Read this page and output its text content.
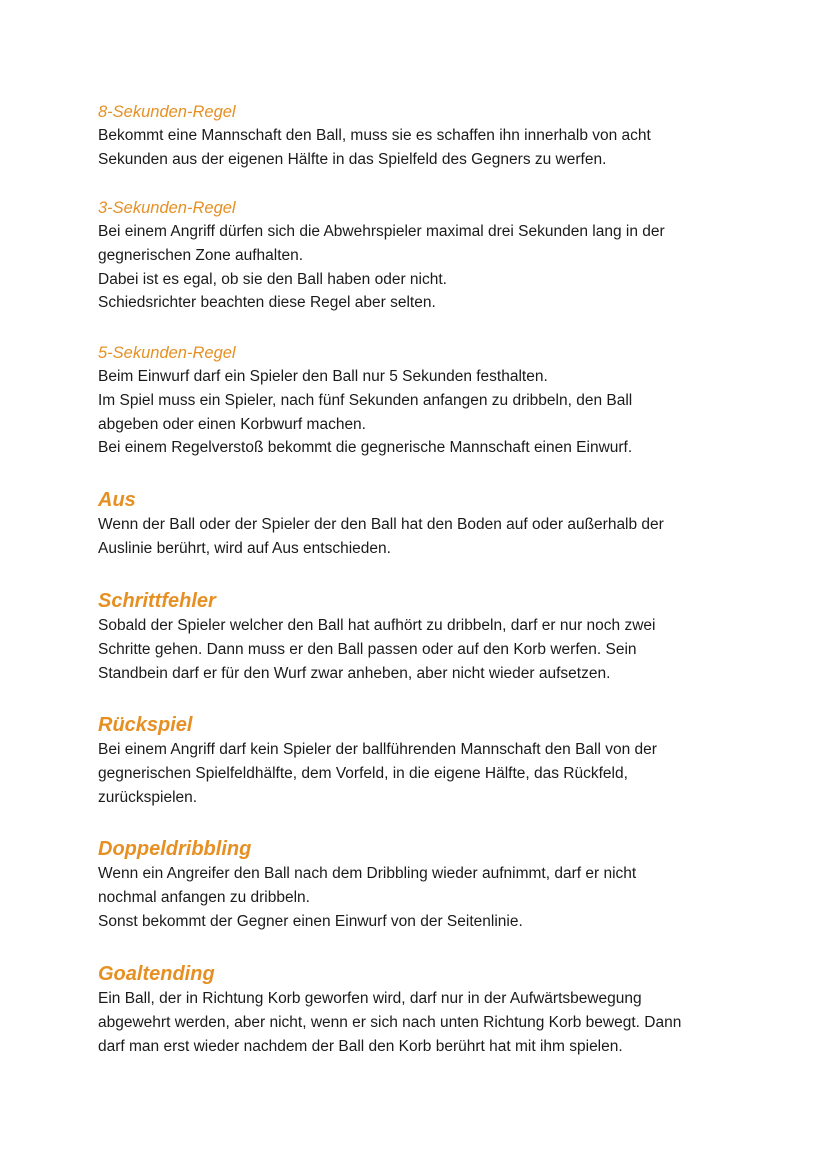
8-Sekunden-Regel

Bekommt eine Mannschaft den Ball, muss sie es schaffen ihn innerhalb von acht

Sekunden aus der eigenen Hälfte in das Spielfeld des Gegners zu werfen.

3-Sekunden-Regel

Bei einem Angriff dürfen sich die Abwehrspieler maximal drei Sekunden lang in der

gegnerischen Zone aufhalten.

Dabei ist es egal, ob sie den Ball haben oder nicht.

Schiedsrichter beachten diese Regel aber selten.

5-Sekunden-Regel

Beim Einwurf darf ein Spieler den Ball nur 5 Sekunden festhalten.

Im Spiel muss ein Spieler, nach fünf Sekunden anfangen zu dribbeln, den Ball

abgeben oder einen Korbwurf machen.

Bei einem Regelverstoß bekommt die gegnerische Mannschaft einen Einwurf.

Aus

Wenn der Ball oder der Spieler der den Ball hat den Boden auf oder außerhalb der

Auslinie berührt, wird auf Aus entschieden.

Schrittfehler

Sobald der Spieler welcher den Ball hat aufhört zu dribbeln, darf er nur noch zwei

Schritte gehen. Dann muss er den Ball passen oder auf den Korb werfen. Sein

Standbein darf er für den Wurf zwar anheben, aber nicht wieder aufsetzen.

Rückspiel

Bei einem Angriff darf kein Spieler der ballführenden Mannschaft den Ball von der

gegnerischen Spielfeldhälfte, dem Vorfeld, in die eigene Hälfte, das Rückfeld,

zurückspielen.

Doppeldribbling

Wenn ein Angreifer den Ball nach dem Dribbling wieder aufnimmt, darf er nicht

nochmal anfangen zu dribbeln.

Sonst bekommt der Gegner einen Einwurf von der Seitenlinie.

Goaltending

Ein Ball, der in Richtung Korb geworfen wird, darf nur in der Aufwärtsbewegung

abgewehrt werden, aber nicht, wenn er sich nach unten Richtung Korb bewegt. Dann

darf man erst wieder nachdem der Ball den Korb berührt hat mit ihm spielen.
